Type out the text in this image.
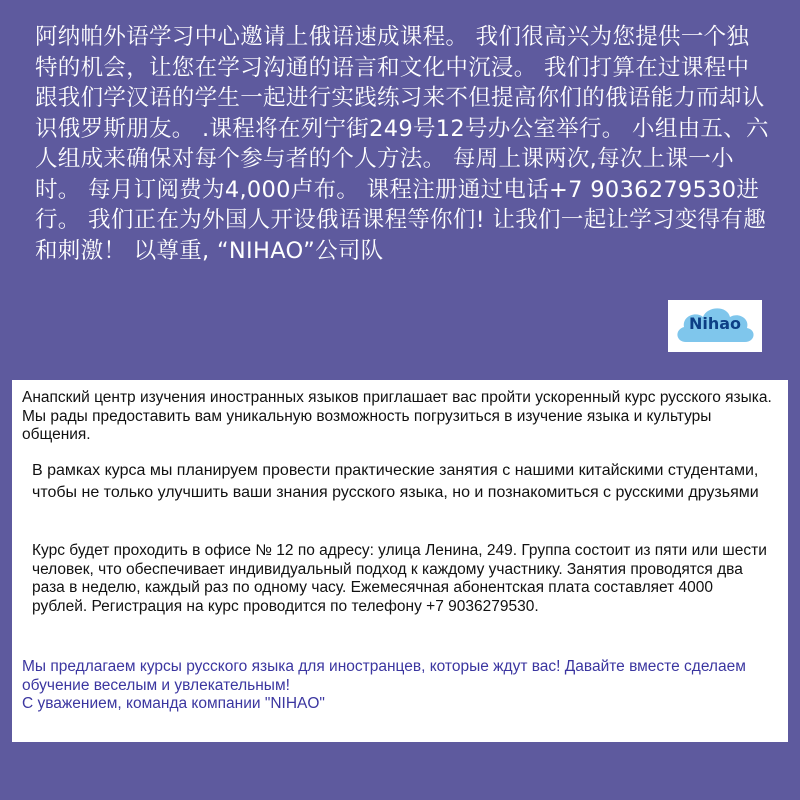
阿纳帕外语学习中心邀请上俄语速成课程。 我们很高兴为您提供一个独特的机会，让您在学习沟通的语言和文化中沉浸。 我们打算在过课程中跟我们学汉语的学生一起进行实践练习来不但提高你们的俄语能力而却认识俄罗斯朋友。 .课程将在列宁街249号12号办公室举行。 小组由五、六人组成来确保对每个参与者的个人方法。 每周上课两次,每次上课一小时。 每月订阅费为4,000卢布。 课程注册通过电话+7 9036279530进行。 我们正在为外国人开设俄语课程等你们! 让我们一起让学习变得有趣和刺激！ 以尊重, “NIHAO”公司队
Nihao

Анапский центр изучения иностранных языков приглашает вас пройти ускоренный курс русского языка. Мы рады предоставить вам уникальную возможность погрузиться в изучение языка и культуры общения.

В рамках курса мы планируем провести практические занятия с нашими китайскими студентами, чтобы не только улучшить ваши знания русского языка, но и познакомиться с русскими друзьями

Курс будет проходить в офисе № 12 по адресу: улица Ленина, 249. Группа состоит из пяти или шести человек, что обеспечивает индивидуальный подход к каждому участнику. Занятия проводятся два раза в неделю, каждый раз по одному часу. Ежемесячная абонентская плата составляет 4000 рублей. Регистрация на курс проводится по телефону +7 9036279530.

Мы предлагаем курсы русского языка для иностранцев, которые ждут вас! Давайте вместе сделаем обучение веселым и увлекательным!
С уважением, команда компании "NIHAO"
